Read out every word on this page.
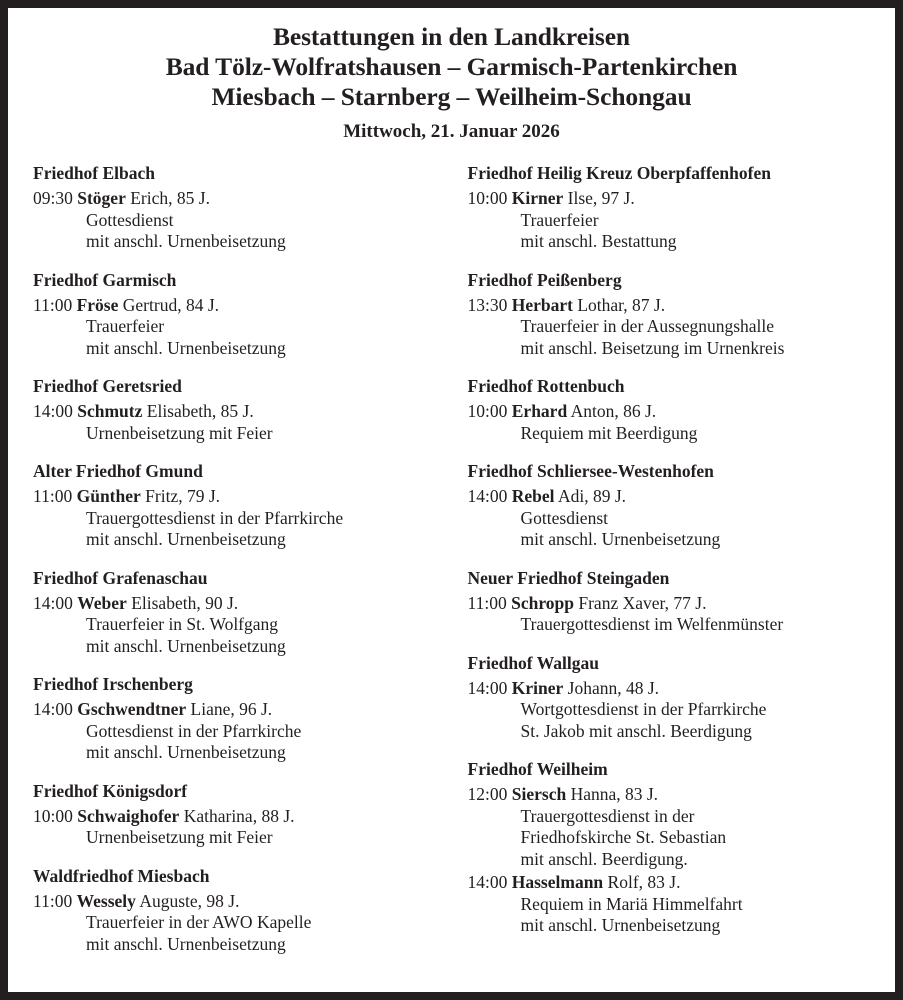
Bestattungen in den Landkreisen
Bad Tölz-Wolfratshausen – Garmisch-Partenkirchen
Miesbach – Starnberg – Weilheim-Schongau
Mittwoch, 21. Januar 2026
Friedhof Elbach
09:30 Stöger Erich, 85 J.
Gottesdienst
mit anschl. Urnenbeisetzung
Friedhof Garmisch
11:00 Fröse Gertrud, 84 J.
Trauerfeier
mit anschl. Urnenbeisetzung
Friedhof Geretsried
14:00 Schmutz Elisabeth, 85 J.
Urnenbeisetzung mit Feier
Alter Friedhof Gmund
11:00 Günther Fritz, 79 J.
Trauergottesdienst in der Pfarrkirche
mit anschl. Urnenbeisetzung
Friedhof Grafenaschau
14:00 Weber Elisabeth, 90 J.
Trauerfeier in St. Wolfgang
mit anschl. Urnenbeisetzung
Friedhof Irschenberg
14:00 Gschwendtner Liane, 96 J.
Gottesdienst in der Pfarrkirche
mit anschl. Urnenbeisetzung
Friedhof Königsdorf
10:00 Schwaighofer Katharina, 88 J.
Urnenbeisetzung mit Feier
Waldfriedhof Miesbach
11:00 Wessely Auguste, 98 J.
Trauerfeier in der AWO Kapelle
mit anschl. Urnenbeisetzung
Friedhof Heilig Kreuz Oberpfaffenhofen
10:00 Kirner Ilse, 97 J.
Trauerfeier
mit anschl. Bestattung
Friedhof Peißenberg
13:30 Herbart Lothar, 87 J.
Trauerfeier in der Aussegnungshalle
mit anschl. Beisetzung im Urnenkreis
Friedhof Rottenbuch
10:00 Erhard Anton, 86 J.
Requiem mit Beerdigung
Friedhof Schliersee-Westenhofen
14:00 Rebel Adi, 89 J.
Gottesdienst
mit anschl. Urnenbeisetzung
Neuer Friedhof Steingaden
11:00 Schropp Franz Xaver, 77 J.
Trauergottesdienst im Welfenmünster
Friedhof Wallgau
14:00 Kriner Johann, 48 J.
Wortgottesdienst in der Pfarrkirche
St. Jakob mit anschl. Beerdigung
Friedhof Weilheim
12:00 Siersch Hanna, 83 J.
Trauergottesdienst in der
Friedhofskirche St. Sebastian
mit anschl. Beerdigung.
14:00 Hasselmann Rolf, 83 J.
Requiem in Mariä Himmelfahrt
mit anschl. Urnenbeisetzung
